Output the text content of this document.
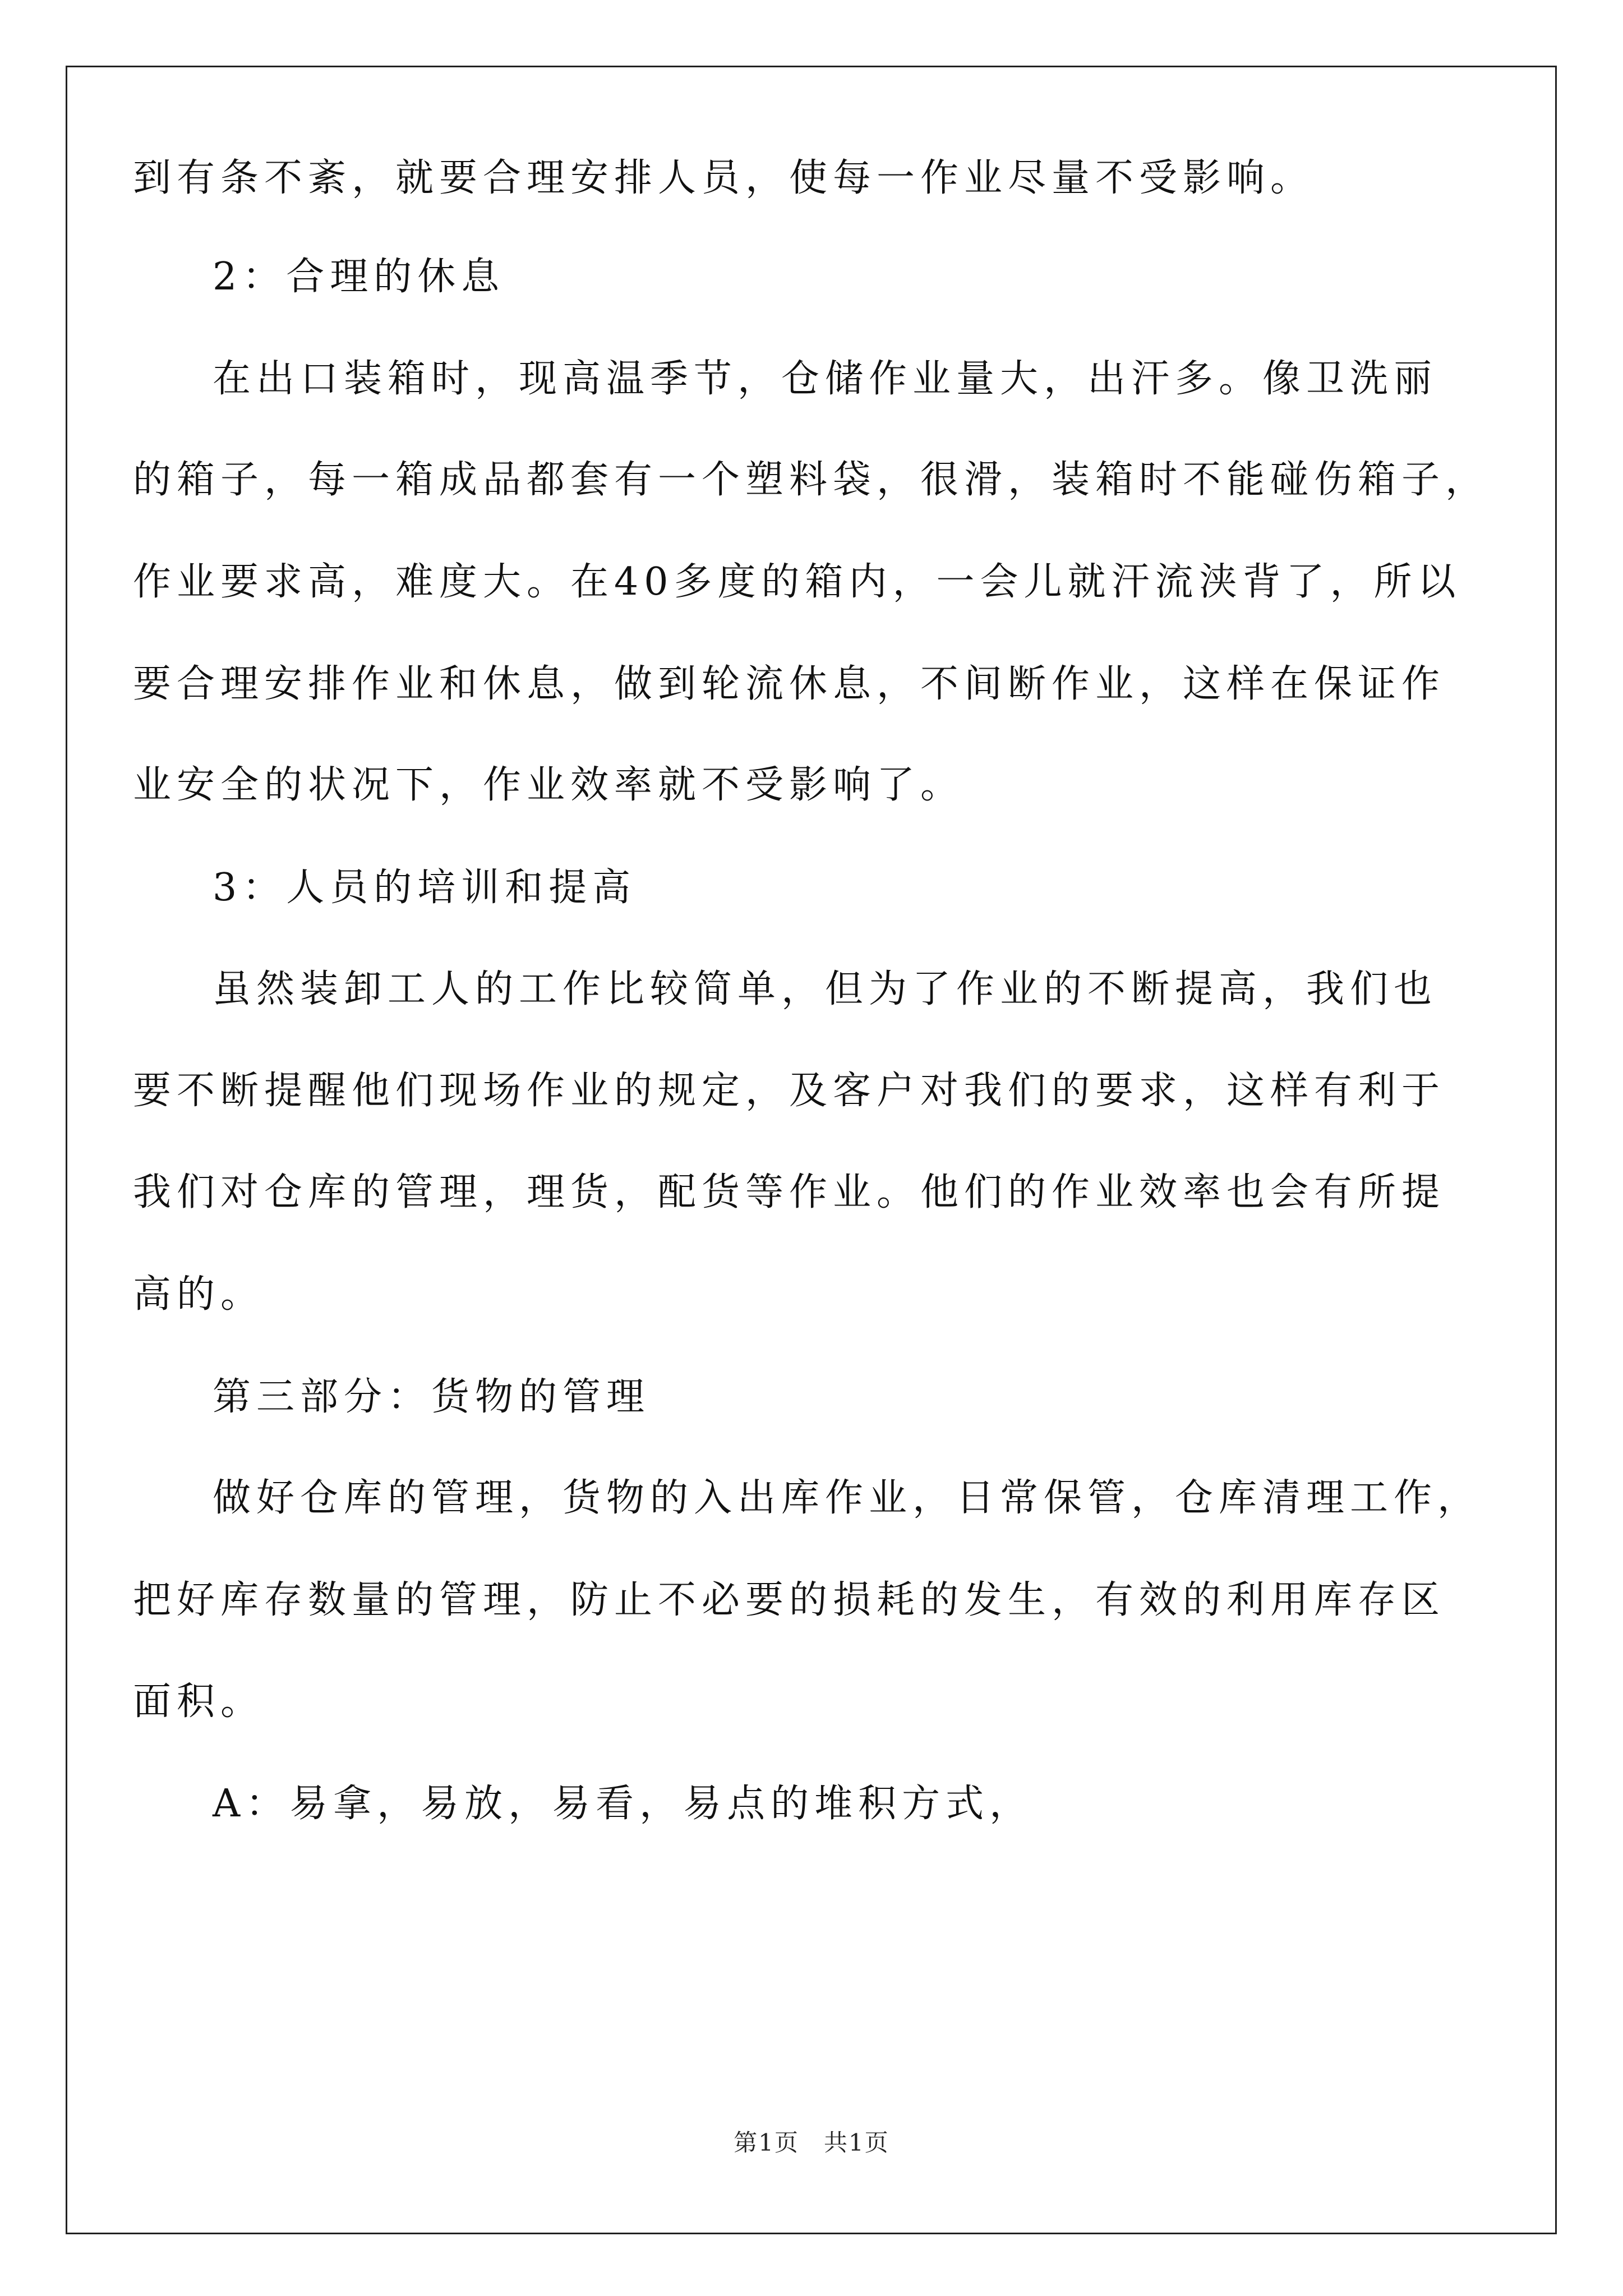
到有条不紊，就要合理安排人员，使每一作业尽量不受影响。
2：合理的休息
在出口装箱时，现高温季节，仓储作业量大，出汗多。像卫洗丽
的箱子，每一箱成品都套有一个塑料袋，很滑，装箱时不能碰伤箱子，
作业要求高，难度大。在40多度的箱内，一会儿就汗流浃背了，所以
要合理安排作业和休息，做到轮流休息，不间断作业，这样在保证作
业安全的状况下，作业效率就不受影响了。
3：人员的培训和提高
虽然装卸工人的工作比较简单，但为了作业的不断提高，我们也
要不断提醒他们现场作业的规定，及客户对我们的要求，这样有利于
我们对仓库的管理，理货，配货等作业。他们的作业效率也会有所提
高的。
第三部分：货物的管理
做好仓库的管理，货物的入出库作业，日常保管，仓库清理工作，
把好库存数量的管理，防止不必要的损耗的发生，有效的利用库存区
面积。
A：易拿，易放，易看，易点的堆积方式，
第1页　共1页
